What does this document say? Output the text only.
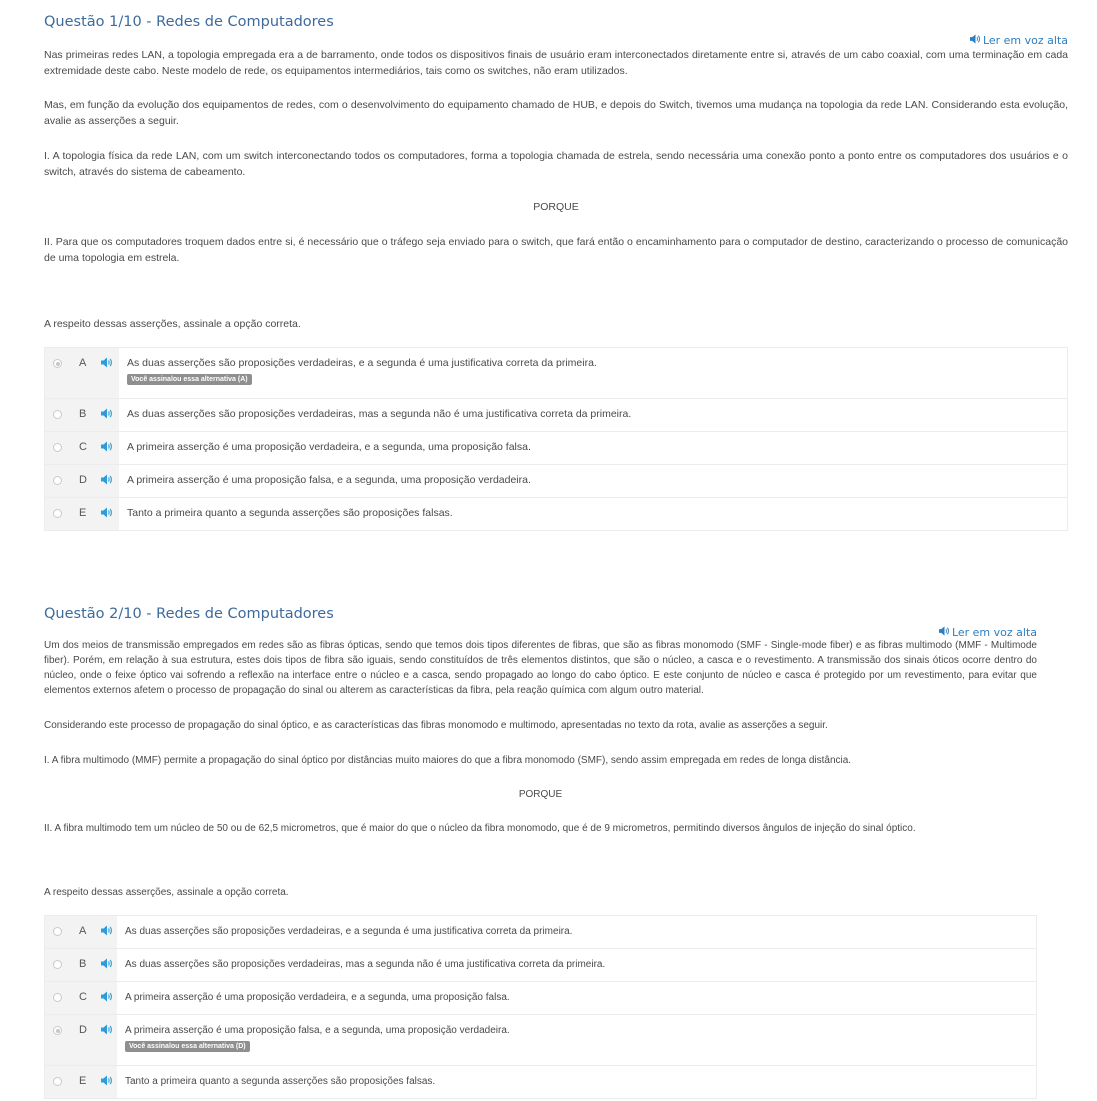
Questão 1/10 - Redes de Computadores
Ler em voz alta

Nas primeiras redes LAN, a topologia empregada era a de barramento, onde todos os dispositivos finais de usuário eram interconectados diretamente entre si, através de um cabo coaxial, com uma terminação em cada extremidade deste cabo. Neste modelo de rede, os equipamentos intermediários, tais como os switches, não eram utilizados.

Mas, em função da evolução dos equipamentos de redes, com o desenvolvimento do equipamento chamado de HUB, e depois do Switch, tivemos uma mudança na topologia da rede LAN. Considerando esta evolução, avalie as asserções a seguir.

I. A topologia física da rede LAN, com um switch interconectando todos os computadores, forma a topologia chamada de estrela, sendo necessária uma conexão ponto a ponto entre os computadores dos usuários e o switch, através do sistema de cabeamento.

PORQUE

II. Para que os computadores troquem dados entre si, é necessário que o tráfego seja enviado para o switch, que fará então o encaminhamento para o computador de destino, caracterizando o processo de comunicação de uma topologia em estrela.

A respeito dessas asserções, assinale a opção correta.

A	As duas asserções são proposições verdadeiras, e a segunda é uma justificativa correta da primeira.
Você assinalou essa alternativa (A)
B	As duas asserções são proposições verdadeiras, mas a segunda não é uma justificativa correta da primeira.
C	A primeira asserção é uma proposição verdadeira, e a segunda, uma proposição falsa.
D	A primeira asserção é uma proposição falsa, e a segunda, uma proposição verdadeira.
E	Tanto a primeira quanto a segunda asserções são proposições falsas.
Questão 2/10 - Redes de Computadores
Ler em voz alta

Um dos meios de transmissão empregados em redes são as fibras ópticas, sendo que temos dois tipos diferentes de fibras, que são as fibras monomodo (SMF - Single-mode fiber) e as fibras multimodo (MMF - Multimode fiber). Porém, em relação à sua estrutura, estes dois tipos de fibra são iguais, sendo constituídos de três elementos distintos, que são o núcleo, a casca e o revestimento. A transmissão dos sinais óticos ocorre dentro do núcleo, onde o feixe óptico vai sofrendo a reflexão na interface entre o núcleo e a casca, sendo propagado ao longo do cabo óptico. E este conjunto de núcleo e casca é protegido por um revestimento, para evitar que elementos externos afetem o processo de propagação do sinal ou alterem as características da fibra, pela reação química com algum outro material.

Considerando este processo de propagação do sinal óptico, e as características das fibras monomodo e multimodo, apresentadas no texto da rota, avalie as asserções a seguir.

I. A fibra multimodo (MMF) permite a propagação do sinal óptico por distâncias muito maiores do que a fibra monomodo (SMF), sendo assim empregada em redes de longa distância.

PORQUE

II. A fibra multimodo tem um núcleo de 50 ou de 62,5 micrometros, que é maior do que o núcleo da fibra monomodo, que é de 9 micrometros, permitindo diversos ângulos de injeção do sinal óptico.

A respeito dessas asserções, assinale a opção correta.

A	As duas asserções são proposições verdadeiras, e a segunda é uma justificativa correta da primeira.
B	As duas asserções são proposições verdadeiras, mas a segunda não é uma justificativa correta da primeira.
C	A primeira asserção é uma proposição verdadeira, e a segunda, uma proposição falsa.
D	A primeira asserção é uma proposição falsa, e a segunda, uma proposição verdadeira.
Você assinalou essa alternativa (D)
E	Tanto a primeira quanto a segunda asserções são proposições falsas.
